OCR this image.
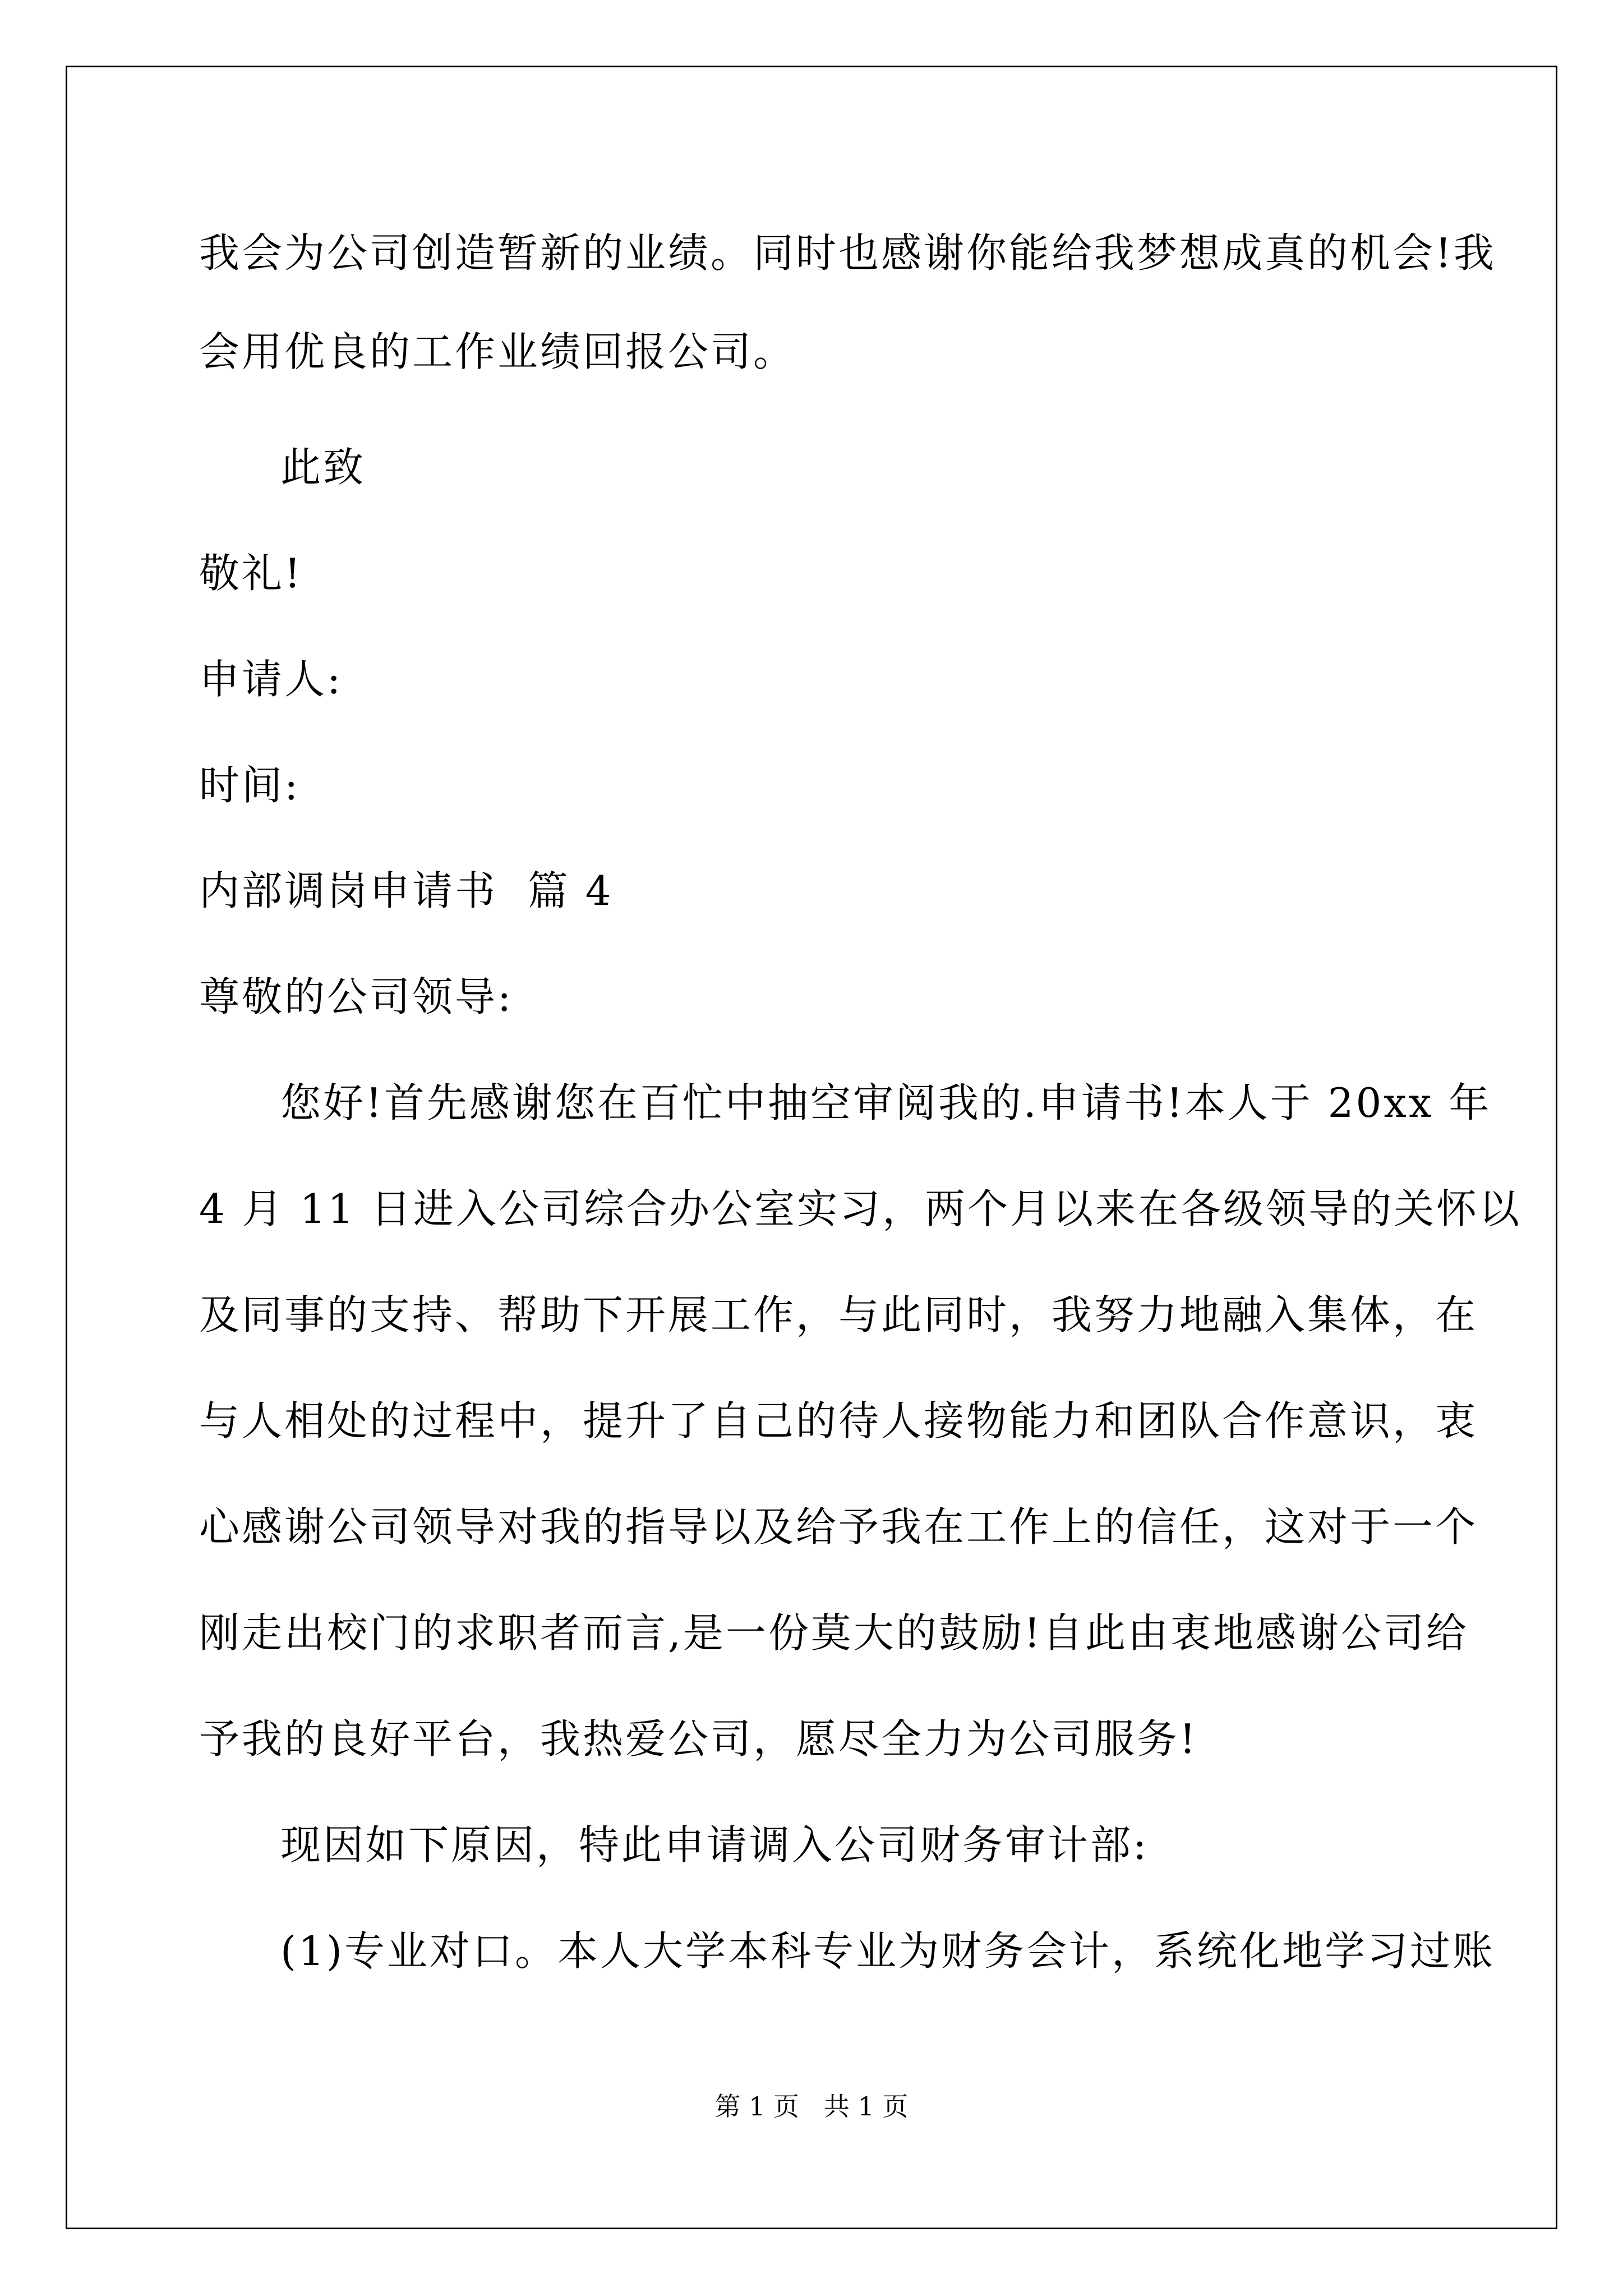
我会为公司创造暂新的业绩。同时也感谢你能给我梦想成真的机会!我
会用优良的工作业绩回报公司。
此致
敬礼!
申请人:
时间:
内部调岗申请书  篇 4
尊敬的公司领导:
您好!首先感谢您在百忙中抽空审阅我的.申请书!本人于 20xx 年
4 月 11 日进入公司综合办公室实习，两个月以来在各级领导的关怀以
及同事的支持、帮助下开展工作，与此同时，我努力地融入集体，在
与人相处的过程中，提升了自己的待人接物能力和团队合作意识，衷
心感谢公司领导对我的指导以及给予我在工作上的信任，这对于一个
刚走出校门的求职者而言,是一份莫大的鼓励!自此由衷地感谢公司给
予我的良好平台，我热爱公司，愿尽全力为公司服务!
现因如下原因，特此申请调入公司财务审计部:
(1)专业对口。本人大学本科专业为财务会计，系统化地学习过账
第 1 页   共 1 页
